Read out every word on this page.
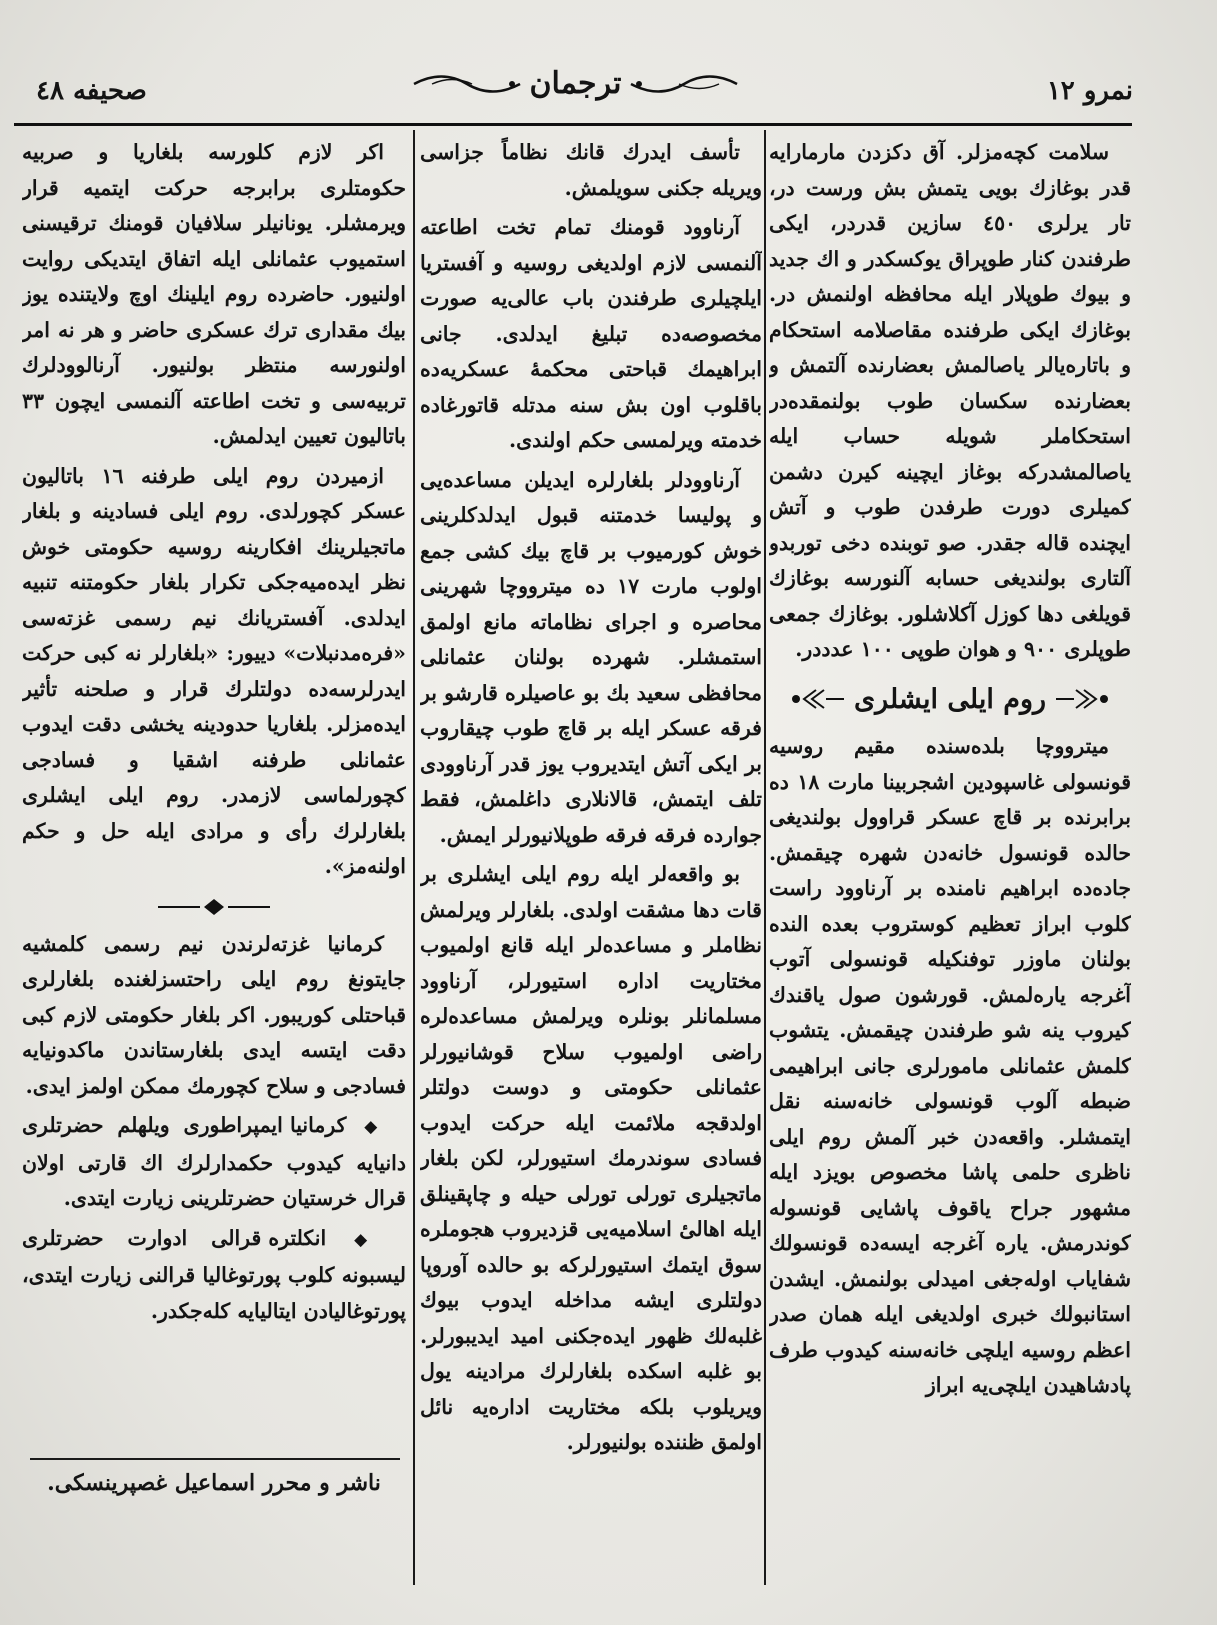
نمرو ١٢
ترجمان
صحیفه ٤٨

سلامت کچه‌مزلر. آق دکزدن مارمارایه قدر بوغازك بویی یتمش بش ورست در، تار یرلری ٤٥٠ سازین قدردر، ایکی طرفندن کنار طوپراق یوکسکدر و اك جدید و بیوك طوپلار ایله محافظه اولنمش در. بوغازك ایکی طرفنده مقاصلامه استحکام و باتاره‌یالر یاصالمش بعضارنده آلتمش و بعضارنده سکسان طوب بولنمقده‌در استحکاملر شویله حساب ایله یاصالمشدرکه بوغاز ایچینه کیرن دشمن کمیلری دورت طرفدن طوب و آتش ایچنده قاله جقدر. صو توبنده دخی توربدو آلتاری بولندیغی حسابه آلنورسه بوغازك قویلغی دها کوزل آکلاشلور. بوغازك جمعی طوپلری ٩٠٠ و هوان طوپی ١٠٠ عدددر.

روم ایلی ایشلری

میترووچا بلده‌سنده مقیم روسیه قونسولی غاسپودین اشجربینا مارت ١٨ ده برابرنده بر قاچ عسکر قراوول بولندیغی حالده قونسول خانه‌دن شهره چیقمش. جاده‌ده ابراهیم نامنده بر آرناوود راست کلوب ابراز تعظیم کوستروب بعده الندە بولنان ماوزر توفنکیله قونسولی آتوب آغرجه یاره‌لمش. قورشون صول یاقندك کیروب ینه شو طرفندن چیقمش. یتشوب کلمش عثمانلی مامورلری جانی ابراهیمی ضبطه آلوب قونسولی خانه‌سنه نقل ایتمشلر. واقعه‌دن خبر آلمش روم ایلی ناظری حلمی پاشا مخصوص بویزد ایله مشهور جراح یاقوف پاشایی قونسوله کوندرمش. یاره آغرجه ایسه‌ده قونسولك شفایاب اوله‌جغی امیدلی بولنمش. ایشدن استانبولك خبری اولدیغی ایله همان صدر اعظم روسیه ایلچی خانه‌سنه کیدوب طرف پادشاهیدن ایلچی‌یه ابراز

تأسف ایدرك قانك نظاماً جزاسی ویریله جکنی سویلمش.

آرناوود قومنك تمام تخت اطاعته آلنمسی لازم اولدیغی روسیه و آفستریا ایلچیلری طرفندن باب عالی‌یه صورت مخصوصه‌ده تبلیغ ایدلدی. جانی ابراهیمك قباحتی محکمهٔ عسکریه‌ده باقلوب اون بش سنه مدتله قاتورغاده خدمته ویرلمسی حکم اولندی.

آرناوودلر بلغارلره ایدیلن مساعده‌یی و پولیسا خدمتنه قبول ایدلدکلرینی خوش کورمیوب بر قاچ بیك کشی جمع اولوب مارت ١٧ ده میترووچا شهرینی محاصره و اجرای نظاماته مانع اولمق استمشلر. شهرده بولنان عثمانلی محافظی سعید بك بو عاصیلره قارشو بر فرقه عسکر ایله بر قاچ طوب چیقاروب بر ایکی آتش ایتدیروب یوز قدر آرناوودی تلف ایتمش، قالانلاری داغلمش، فقط جوارده فرقه فرقه طوپلانیورلر ایمش.

بو واقعه‌لر ایله روم ایلی ایشلری بر قات دها مشقت اولدی. بلغارلر ویرلمش نظاملر و مساعده‌لر ایله قانع اولمیوب مختاریت اداره استیورلر، آرناوود مسلمانلر بونلره ویرلمش مساعده‌لره راضی اولمیوب سلاح قوشانیورلر عثمانلی حکومتی و دوست دولتلر اولدقجه ملائمت ایله حرکت ایدوب فسادی سوندرمك استیورلر، لکن بلغار ماتجیلری تورلی تورلی حیله و چاپقینلق ایله اهالیٔ اسلامیه‌یی قزدیروب هجوملره سوق ایتمك استیورلرکه بو حالده آوروپا دولتلری ایشه مداخله ایدوب بیوك غلبه‌لك ظهور ایده‌جکنی امید ایدیبورلر. بو غلبه اسکده بلغارلرك مرادینه یول ویریلوب بلکه مختاریت اداره‌یه نائل اولمق ظننده بولنیورلر.

اکر لازم کلورسه بلغاریا و صربیه حکومتلری برابرجه حرکت ایتمیه قرار ویرمشلر. یونانیلر سلافیان قومنك ترقیسنی استمیوب عثمانلی ایله اتفاق ایتدیکی روایت اولنیور. حاضرده روم ایلینك اوچ ولایتنده یوز بیك مقداری ترك عسکری حاضر و هر نه امر اولنورسه منتظر بولنیور. آرنالوودلرك تربیه‌سی و تخت اطاعته آلنمسی ایچون ٣٣ باتالیون تعیین ایدلمش.

ازمیردن روم ایلی طرفنه ١٦ باتالیون عسکر کچورلدی. روم ایلی فسادینه و بلغار ماتجیلرینك افکارینه روسیه حکومتی خوش نظر ایده‌میه‌جکی تکرار بلغار حکومتنه تنبیه ایدلدی. آفستریانك نیم رسمی غزته‌سی «فره‌مدنبلات» دییور: «بلغارلر نه کبی حرکت ایدرلرسه‌ده دولتلرك قرار و صلحنه تأثیر ایده‌مزلر. بلغاریا حدودینه یخشی دقت ایدوب عثمانلی طرفنه اشقیا و فسادجی کچورلماسی لازمدر. روم ایلی ایشلری بلغارلرك رأی و مرادی ایله حل و حکم اولنه‌مز».

کرمانیا غزته‌لرندن نیم رسمی کلمشیه جایتونغ روم ایلی راحتسزلغنده بلغارلری قباحتلی کوریبور. اکر بلغار حکومتی لازم کبی دقت ایتسه ایدی بلغارستاندن ماکدونیایه فسادجی و سلاح کچورمك ممکن اولمز ایدی.

◆ کرمانیا ایمپراطوری ویلهلم حضرتلری دانیایه کیدوب حکمدارلرك اك قارتی اولان قرال خرستیان حضرتلرینی زیارت ایتدی.

◆ انکلتره قرالی ادوارت حضرتلری لیسبونه کلوب پورتوغالیا قرالنی زیارت ایتدی، پورتوغالیادن ایتالیایه کله‌جکدر.

ناشر و محرر اسماعیل غصپرینسکی.
